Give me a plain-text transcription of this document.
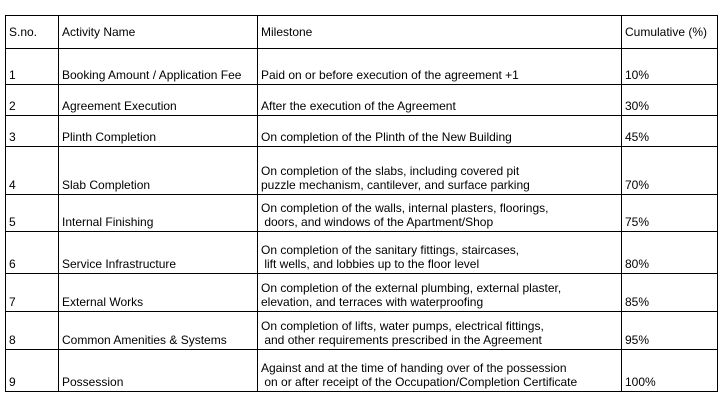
S.no.	Activity Name	Milestone	Cumulative (%)
1	Booking Amount / Application Fee	Paid on or before execution of the agreement +1	10%
2	Agreement Execution	After the execution of the Agreement	30%
3	Plinth Completion	On completion of the Plinth of the New Building	45%
4	Slab Completion	On completion of the slabs, including covered pit
puzzle mechanism, cantilever, and surface parking	70%
5	Internal Finishing	On completion of the walls, internal plasters, floorings,
doors, and windows of the Apartment/Shop	75%
6	Service Infrastructure	On completion of the sanitary fittings, staircases,
lift wells, and lobbies up to the floor level	80%
7	External Works	On completion of the external plumbing, external plaster,
elevation, and terraces with waterproofing	85%
8	Common Amenities & Systems	On completion of lifts, water pumps, electrical fittings,
and other requirements prescribed in the Agreement	95%
9	Possession	Against and at the time of handing over of the possession
on or after receipt of the Occupation/Completion Certificate	100%
